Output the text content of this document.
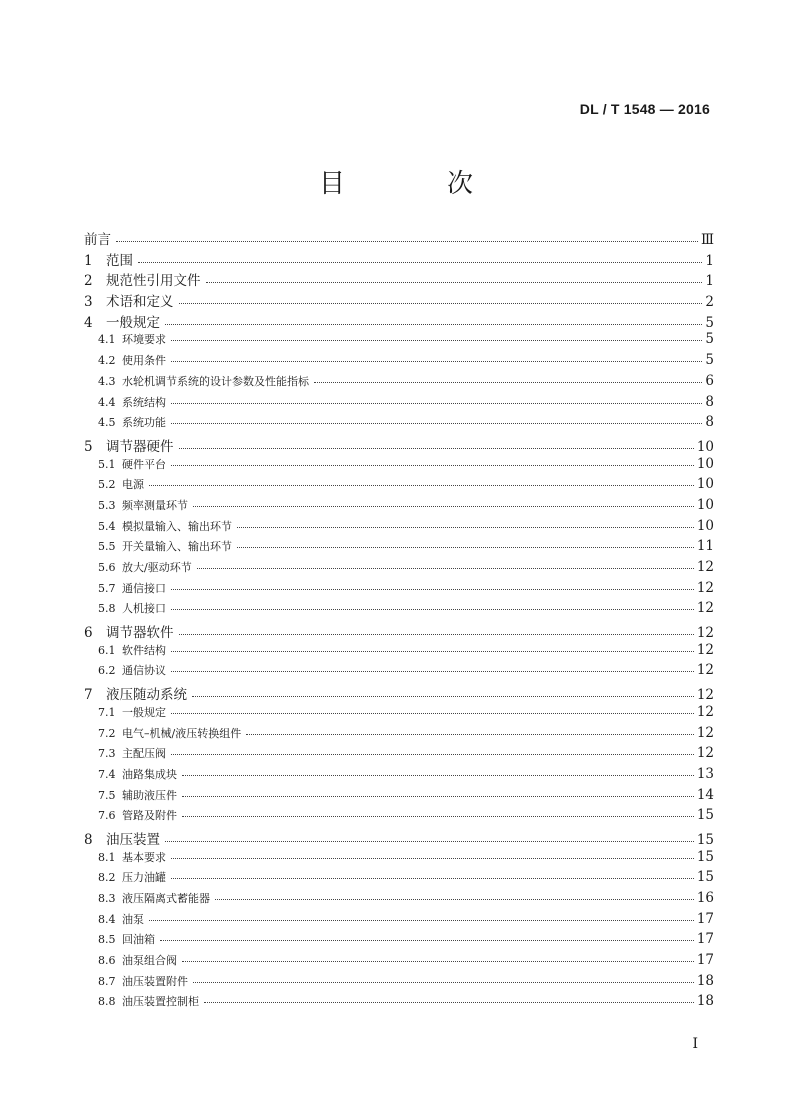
DL / T 1548 — 2016
目　次
前言	Ⅲ
1 范围	1
2 规范性引用文件	1
3 术语和定义	2
4 一般规定	5
4.1 环境要求	5
4.2 使用条件	5
4.3 水轮机调节系统的设计参数及性能指标	6
4.4 系统结构	8
4.5 系统功能	8
5 调节器硬件	10
5.1 硬件平台	10
5.2 电源	10
5.3 频率测量环节	10
5.4 模拟量输入、输出环节	10
5.5 开关量输入、输出环节	11
5.6 放大/驱动环节	12
5.7 通信接口	12
5.8 人机接口	12
6 调节器软件	12
6.1 软件结构	12
6.2 通信协议	12
7 液压随动系统	12
7.1 一般规定	12
7.2 电气–机械/液压转换组件	12
7.3 主配压阀	12
7.4 油路集成块	13
7.5 辅助液压件	14
7.6 管路及附件	15
8 油压装置	15
8.1 基本要求	15
8.2 压力油罐	15
8.3 液压隔离式蓄能器	16
8.4 油泵	17
8.5 回油箱	17
8.6 油泵组合阀	17
8.7 油压装置附件	18
8.8 油压装置控制柜	18
I
